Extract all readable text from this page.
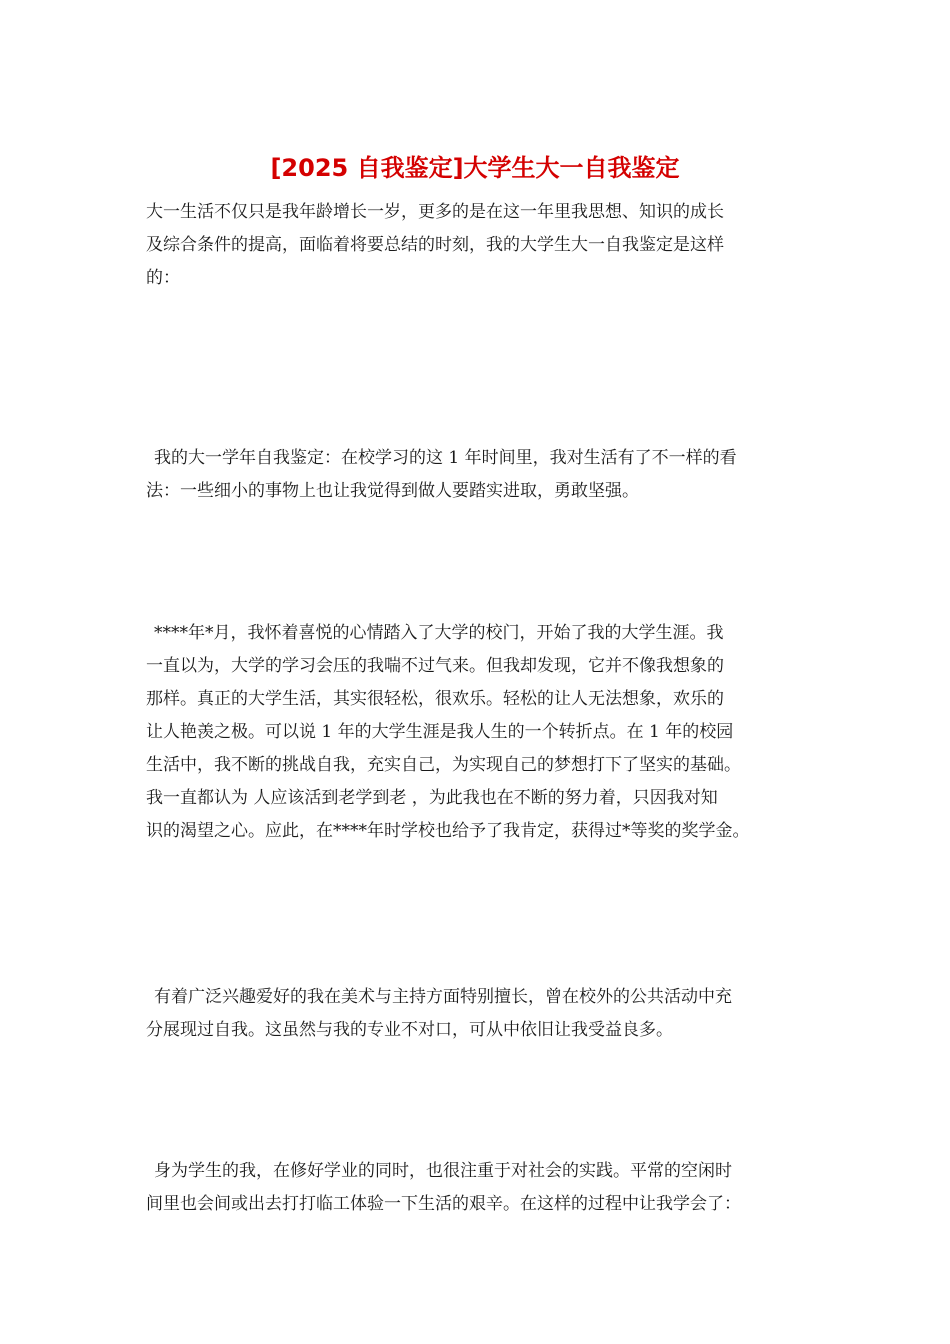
[2025 自我鉴定]大学生大一自我鉴定
大一生活不仅只是我年龄增长一岁，更多的是在这一年里我思想、知识的成长
及综合条件的提高，面临着将要总结的时刻，我的大学生大一自我鉴定是这样
的：
我的大一学年自我鉴定：在校学习的这 1 年时间里，我对生活有了不一样的看
法：一些细小的事物上也让我觉得到做人要踏实进取，勇敢坚强。
****年*月，我怀着喜悦的心情踏入了大学的校门，开始了我的大学生涯。我
一直以为，大学的学习会压的我喘不过气来。但我却发现，它并不像我想象的
那样。真正的大学生活，其实很轻松，很欢乐。轻松的让人无法想象，欢乐的
让人艳羡之极。可以说 1 年的大学生涯是我人生的一个转折点。在 1 年的校园
生活中，我不断的挑战自我，充实自己，为实现自己的梦想打下了坚实的基础。
我一直都认为 人应该活到老学到老 ，为此我也在不断的努力着，只因我对知
识的渴望之心。应此，在****年时学校也给予了我肯定，获得过*等奖的奖学金。
有着广泛兴趣爱好的我在美术与主持方面特别擅长，曾在校外的公共活动中充
分展现过自我。这虽然与我的专业不对口，可从中依旧让我受益良多。
身为学生的我，在修好学业的同时，也很注重于对社会的实践。平常的空闲时
间里也会间或出去打打临工体验一下生活的艰辛。在这样的过程中让我学会了：
